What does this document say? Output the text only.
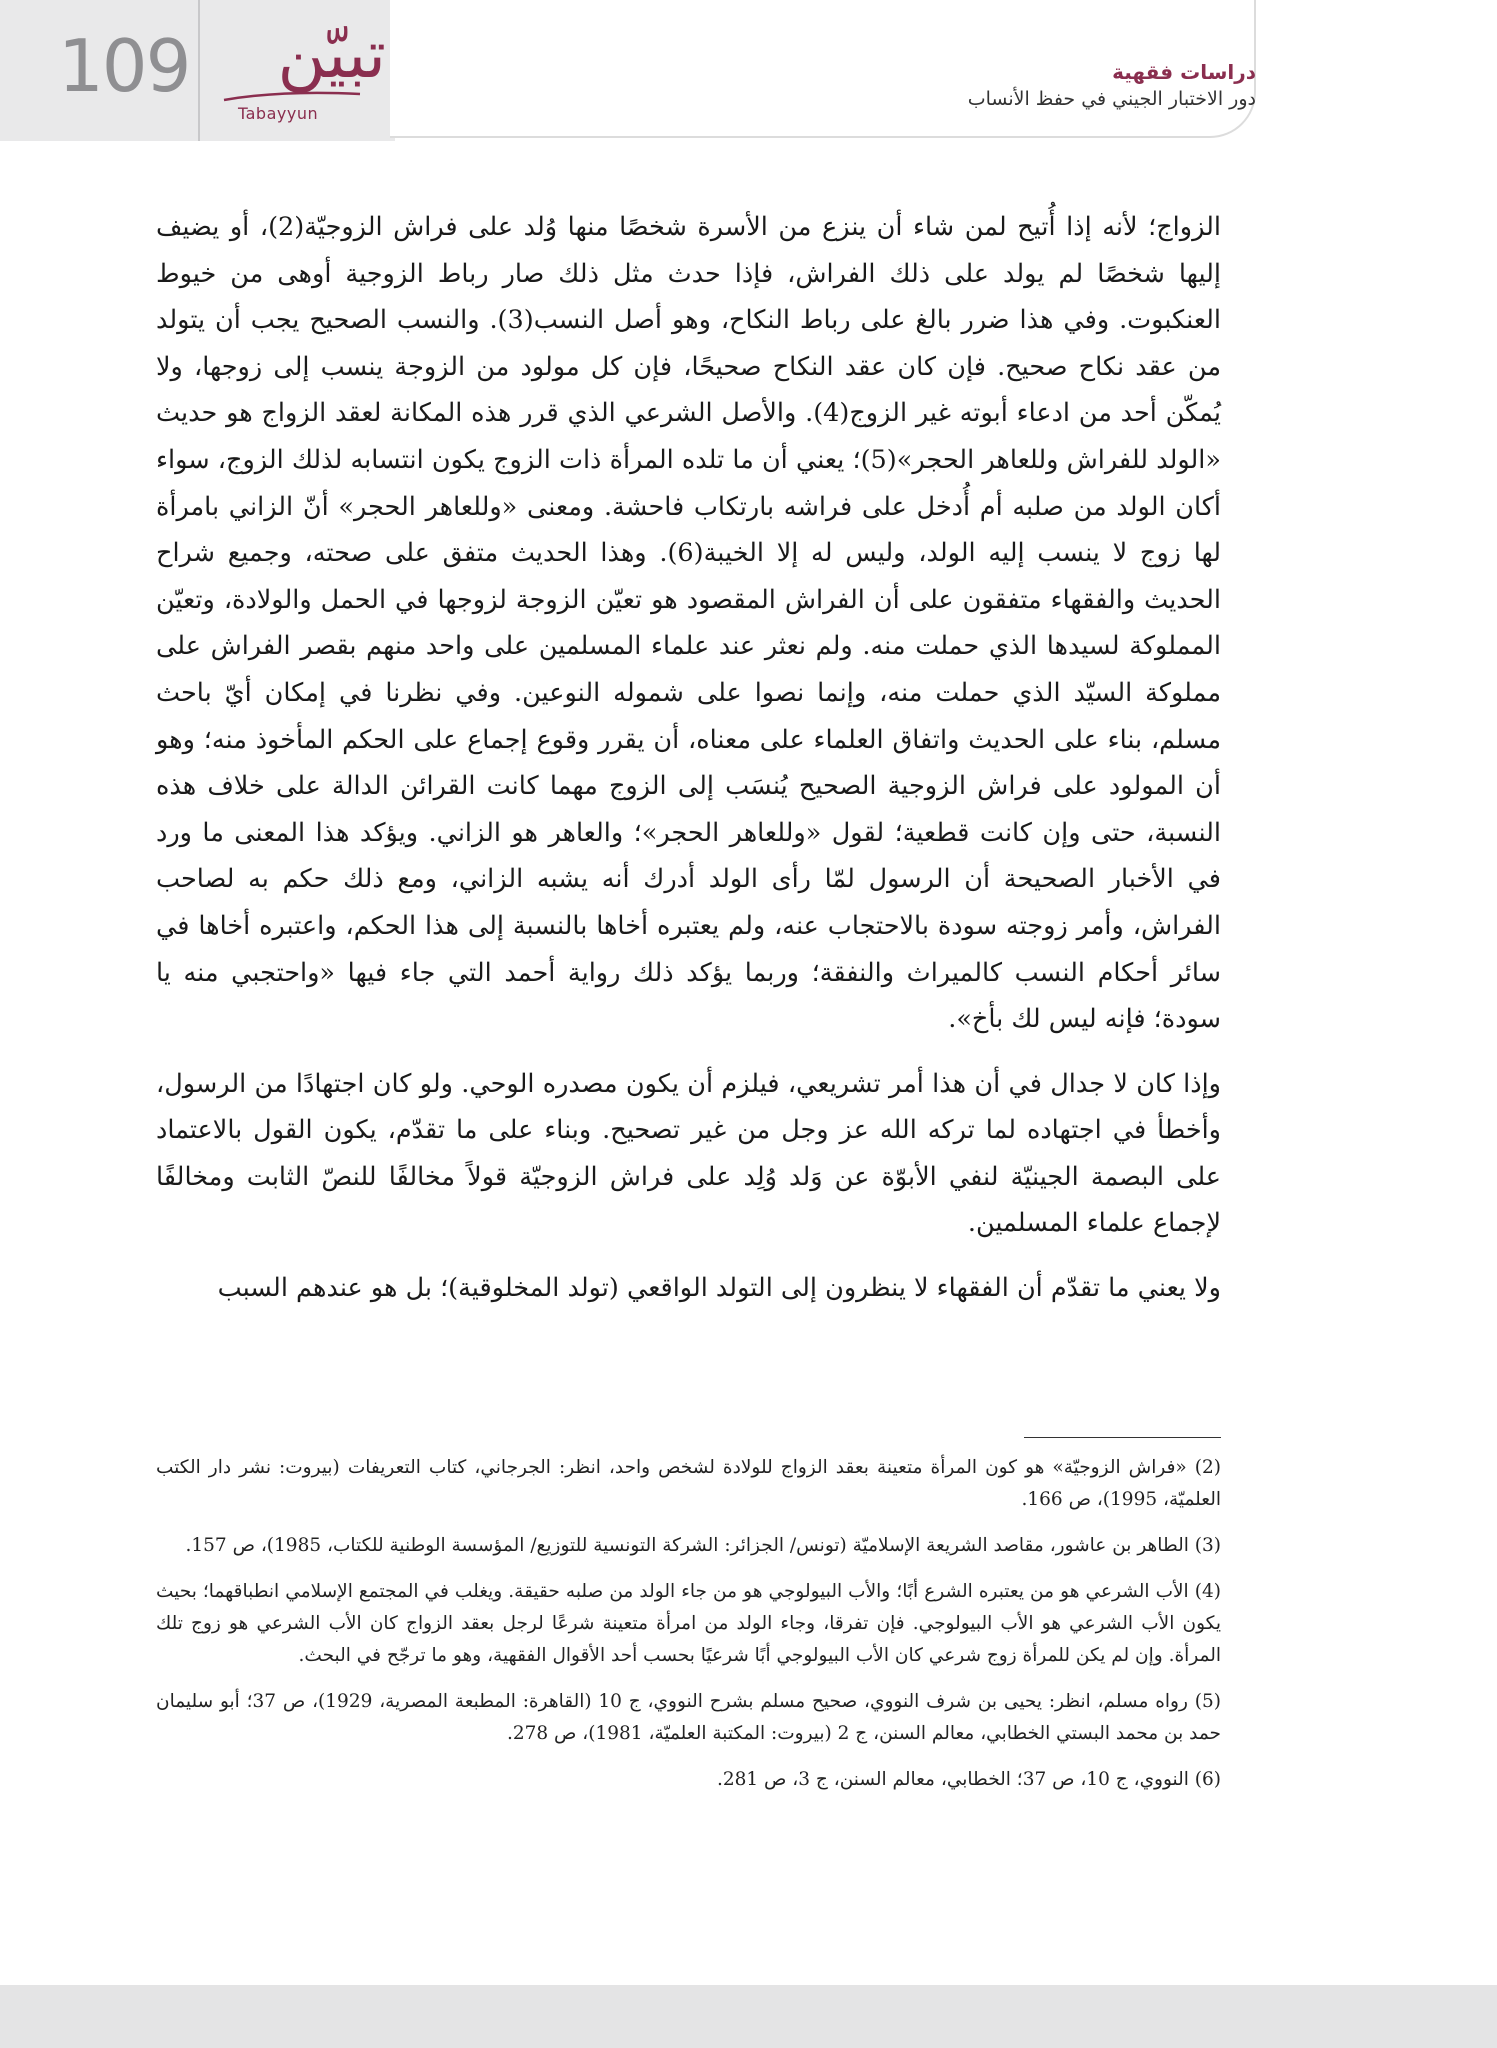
109 تبيّن
Tabayyun
دراسات فقهية
دور الاختبار الجيني في حفظ الأنساب

الزواج؛ لأنه إذا أُتيح لمن شاء أن ينزع من الأسرة شخصًا منها وُلد على فراش الزوجيّة(2)، أو يضيف إليها شخصًا لم يولد على ذلك الفراش، فإذا حدث مثل ذلك صار رباط الزوجية أوهى من خيوط العنكبوت. وفي هذا ضرر بالغ على رباط النكاح، وهو أصل النسب(3). والنسب الصحيح يجب أن يتولد من عقد نكاح صحيح. فإن كان عقد النكاح صحيحًا، فإن كل مولود من الزوجة ينسب إلى زوجها، ولا يُمكّن أحد من ادعاء أبوته غير الزوج(4). والأصل الشرعي الذي قرر هذه المكانة لعقد الزواج هو حديث «الولد للفراش وللعاهر الحجر»(5)؛ يعني أن ما تلده المرأة ذات الزوج يكون انتسابه لذلك الزوج، سواء أكان الولد من صلبه أم أُدخل على فراشه بارتكاب فاحشة. ومعنى «وللعاهر الحجر» أنّ الزاني بامرأة لها زوج لا ينسب إليه الولد، وليس له إلا الخيبة(6). وهذا الحديث متفق على صحته، وجميع شراح الحديث والفقهاء متفقون على أن الفراش المقصود هو تعيّن الزوجة لزوجها في الحمل والولادة، وتعيّن المملوكة لسيدها الذي حملت منه. ولم نعثر عند علماء المسلمين على واحد منهم بقصر الفراش على مملوكة السيّد الذي حملت منه، وإنما نصوا على شموله النوعين. وفي نظرنا في إمكان أيّ باحث مسلم، بناء على الحديث واتفاق العلماء على معناه، أن يقرر وقوع إجماع على الحكم المأخوذ منه؛ وهو أن المولود على فراش الزوجية الصحيح يُنسَب إلى الزوج مهما كانت القرائن الدالة على خلاف هذه النسبة، حتى وإن كانت قطعية؛ لقول «وللعاهر الحجر»؛ والعاهر هو الزاني. ويؤكد هذا المعنى ما ورد في الأخبار الصحيحة أن الرسول لمّا رأى الولد أدرك أنه يشبه الزاني، ومع ذلك حكم به لصاحب الفراش، وأمر زوجته سودة بالاحتجاب عنه، ولم يعتبره أخاها بالنسبة إلى هذا الحكم، واعتبره أخاها في سائر أحكام النسب كالميراث والنفقة؛ وربما يؤكد ذلك رواية أحمد التي جاء فيها «واحتجبي منه يا سودة؛ فإنه ليس لك بأخ».

وإذا كان لا جدال في أن هذا أمر تشريعي، فيلزم أن يكون مصدره الوحي. ولو كان اجتهادًا من الرسول، وأخطأ في اجتهاده لما تركه الله عز وجل من غير تصحيح. وبناء على ما تقدّم، يكون القول بالاعتماد على البصمة الجينيّة لنفي الأبوّة عن وَلد وُلِد على فراش الزوجيّة قولاً مخالفًا للنصّ الثابت ومخالفًا لإجماع علماء المسلمين.

ولا يعني ما تقدّم أن الفقهاء لا ينظرون إلى التولد الواقعي (تولد المخلوقية)؛ بل هو عندهم السبب

(2) «فراش الزوجيّة» هو كون المرأة متعينة بعقد الزواج للولادة لشخص واحد، انظر: الجرجاني، كتاب التعريفات (بيروت: نشر دار الكتب العلميّة، 1995)، ص 166.

(3) الطاهر بن عاشور، مقاصد الشريعة الإسلاميّة (تونس/ الجزائر: الشركة التونسية للتوزيع/ المؤسسة الوطنية للكتاب، 1985)، ص 157.

(4) الأب الشرعي هو من يعتبره الشرع أبًا؛ والأب البيولوجي هو من جاء الولد من صلبه حقيقة. ويغلب في المجتمع الإسلامي انطباقهما؛ بحيث يكون الأب الشرعي هو الأب البيولوجي. فإن تفرقا، وجاء الولد من امرأة متعينة شرعًا لرجل بعقد الزواج كان الأب الشرعي هو زوج تلك المرأة. وإن لم يكن للمرأة زوج شرعي كان الأب البيولوجي أبًا شرعيًا بحسب أحد الأقوال الفقهية، وهو ما ترجّح في البحث.

(5) رواه مسلم، انظر: يحيى بن شرف النووي، صحيح مسلم بشرح النووي، ج 10 (القاهرة: المطبعة المصرية، 1929)، ص 37؛ أبو سليمان حمد بن محمد البستي الخطابي، معالم السنن، ج 2 (بيروت: المكتبة العلميّة، 1981)، ص 278.

(6) النووي، ج 10، ص 37؛ الخطابي، معالم السنن، ج 3، ص 281.
